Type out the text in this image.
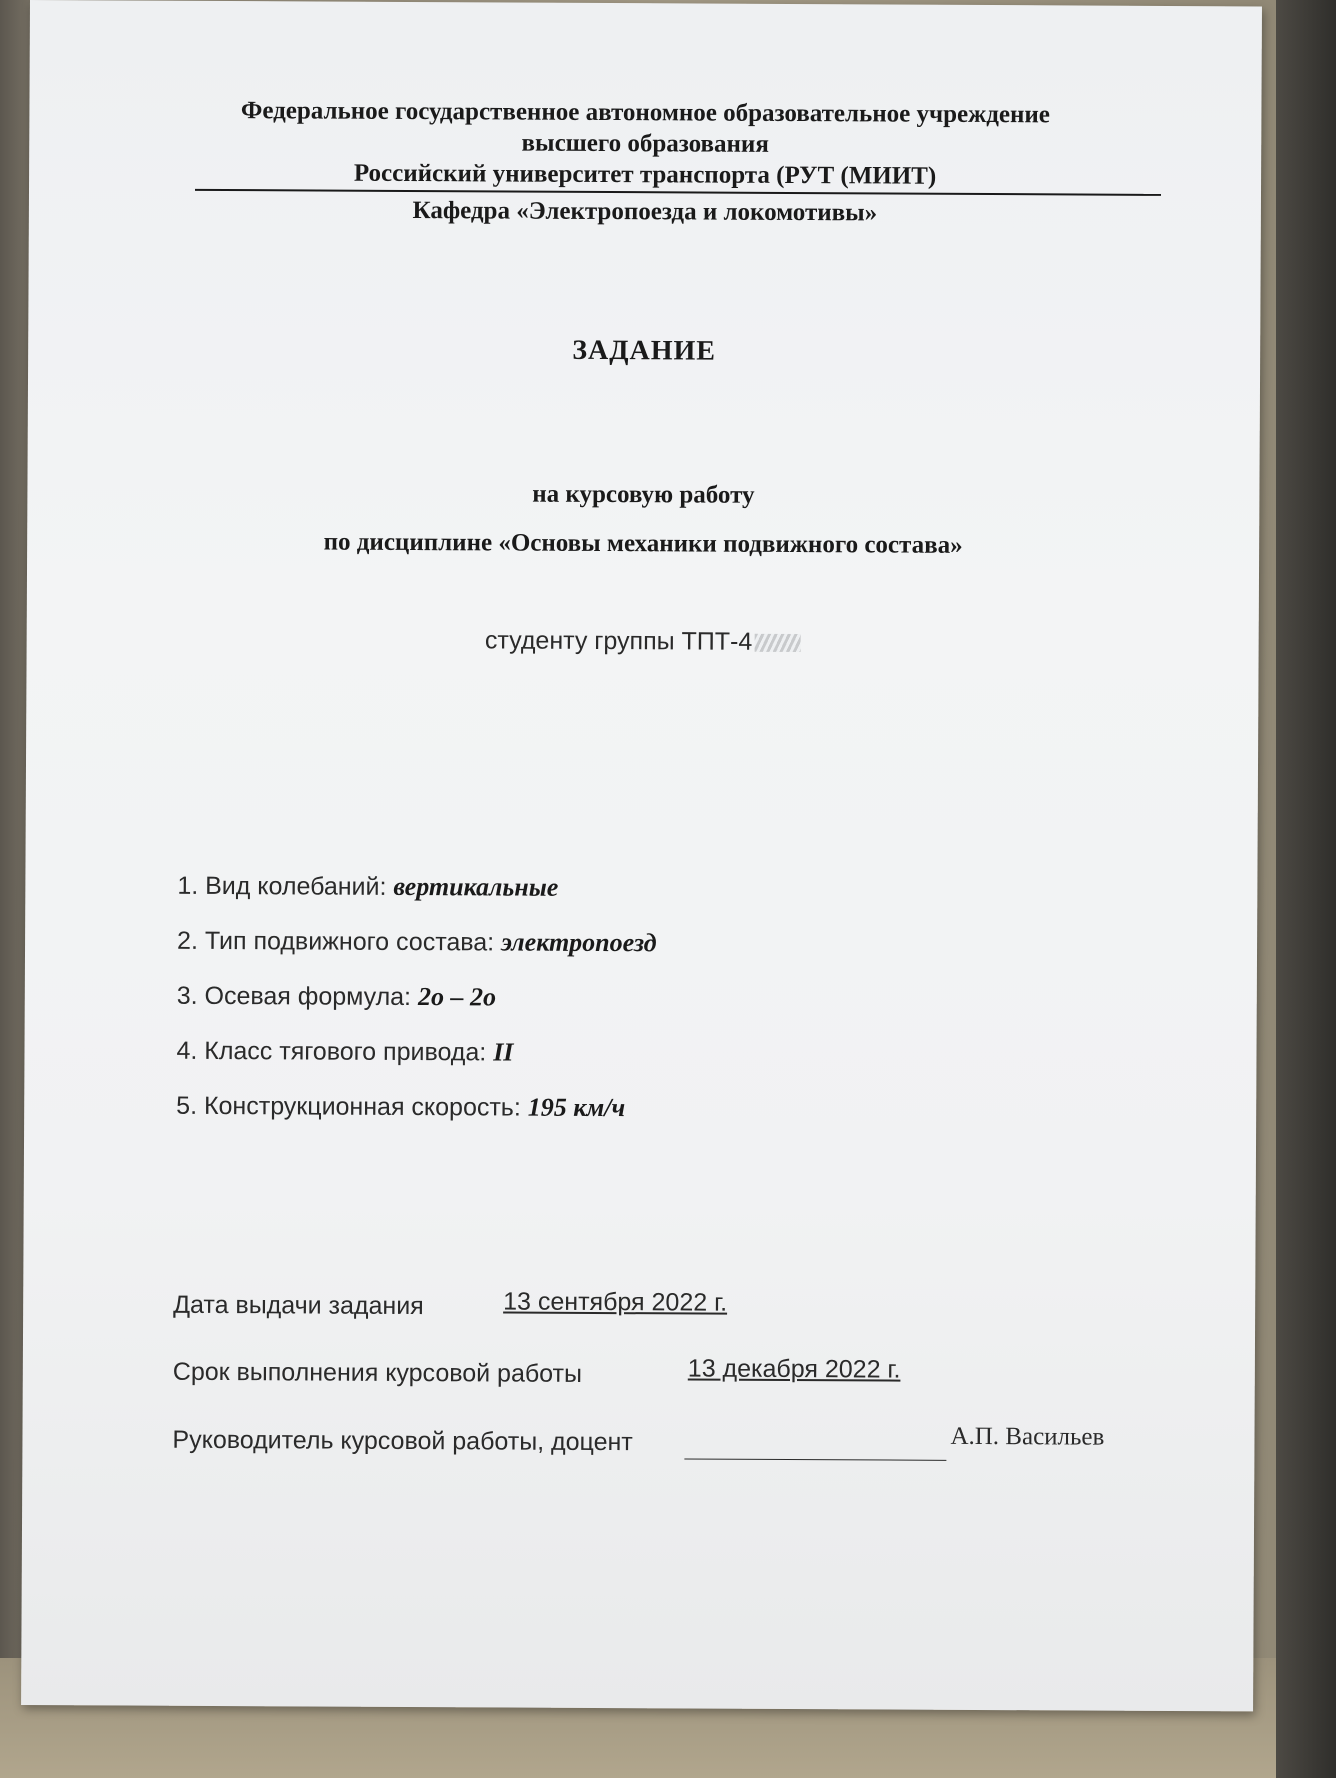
Федеральное государственное автономное образовательное учреждение
высшего образования
Российский университет транспорта (РУТ (МИИТ)
Кафедра «Электропоезда и локомотивы»
ЗАДАНИЕ
на курсовую работу
по дисциплине «Основы механики подвижного состава»
студенту группы ТПТ-4
1. Вид колебаний: вертикальные
2. Тип подвижного состава: электропоезд
3. Осевая формула: 2о – 2о
4. Класс тягового привода: II
5. Конструкционная скорость: 195 км/ч
Дата выдачи задания	13 сентября 2022 г.
Срок выполнения курсовой работы	13 декабря 2022 г.
Руководитель курсовой работы, доцент	А.П. Васильев
